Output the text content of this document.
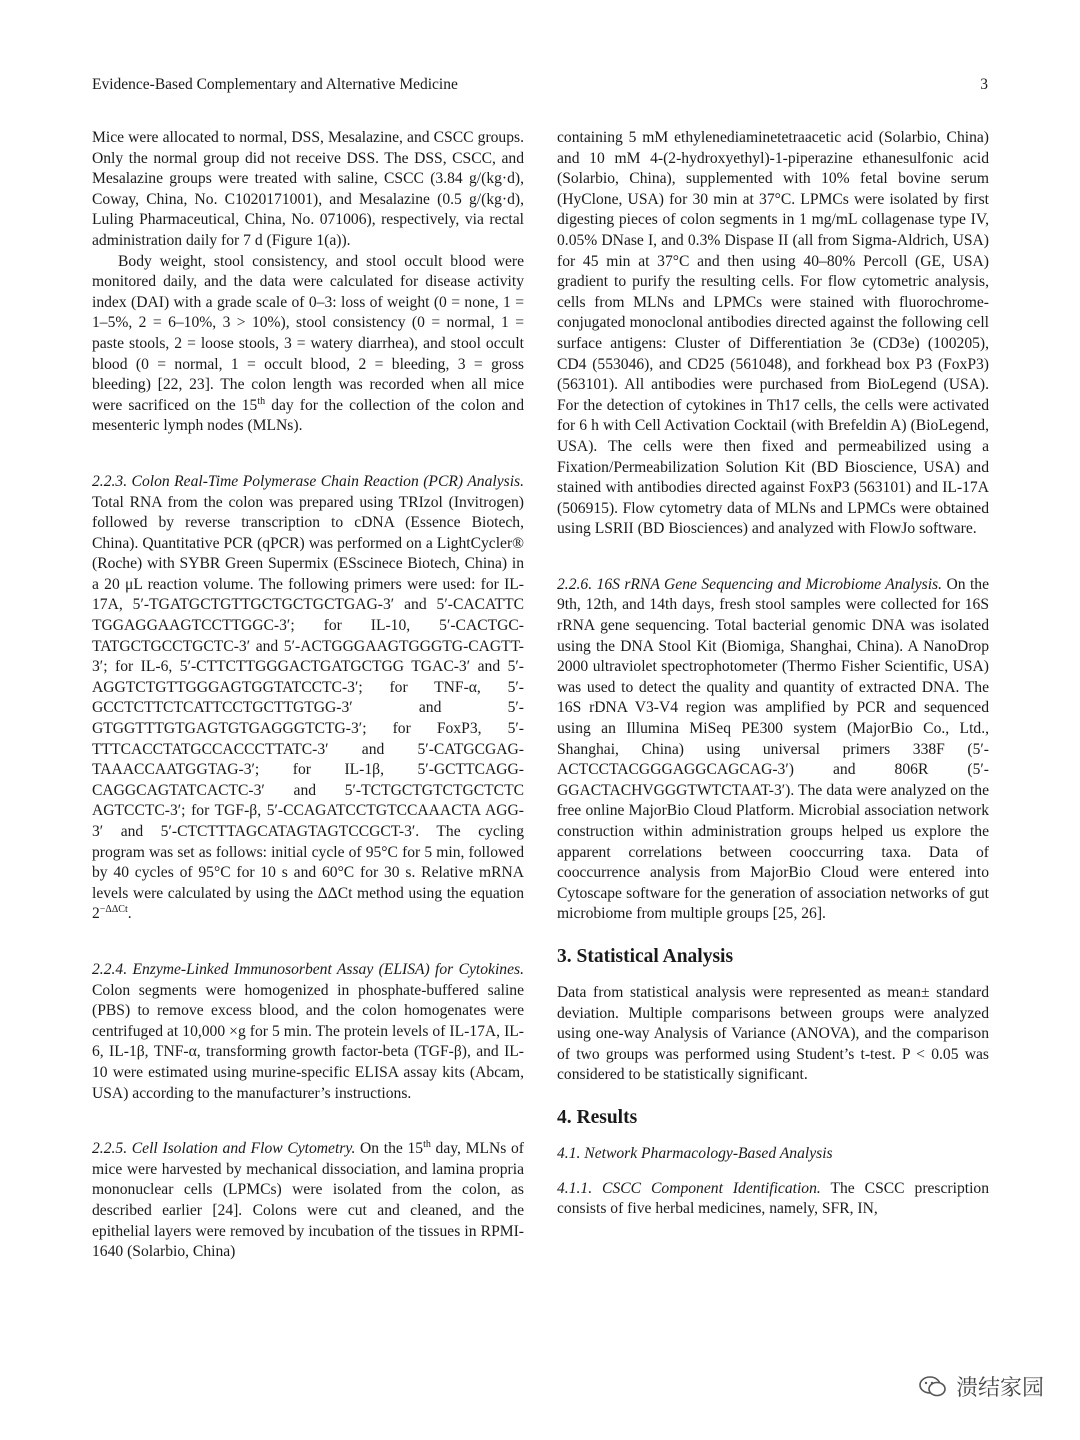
Evidence-Based Complementary and Alternative Medicine	3

Mice were allocated to normal, DSS, Mesalazine, and CSCC groups. Only the normal group did not receive DSS. The DSS, CSCC, and Mesalazine groups were treated with saline, CSCC (3.84 g/(kg·d), Coway, China, No. C1020171001), and Mesalazine (0.5 g/(kg·d), Luling Pharmaceutical, China, No. 071006), respectively, via rectal administration daily for 7 d (Figure 1(a)).

Body weight, stool consistency, and stool occult blood were monitored daily, and the data were calculated for disease activity index (DAI) with a grade scale of 0–3: loss of weight (0 = none, 1 = 1–5%, 2 = 6–10%, 3 > 10%), stool consistency (0 = normal, 1 = paste stools, 2 = loose stools, 3 = watery diarrhea), and stool occult blood (0 = normal, 1 = occult blood, 2 = bleeding, 3 = gross bleeding) [22, 23]. The colon length was recorded when all mice were sacrificed on the 15th day for the collection of the colon and mesenteric lymph nodes (MLNs).

2.2.3. Colon Real-Time Polymerase Chain Reaction (PCR) Analysis. Total RNA from the colon was prepared using TRIzol (Invitrogen) followed by reverse transcription to cDNA (Essence Biotech, China). Quantitative PCR (qPCR) was performed on a LightCycler® (Roche) with SYBR Green Supermix (ESscinece Biotech, China) in a 20 μL reaction volume. The following primers were used: for IL-17A, 5′-TGATGCTGTTGCTGCTGCTGAG-3′ and 5′-CACATTC TGGAGGAAGTCCTTGGC-3′; for IL-10, 5′-CACTGC-TATGCTGCCTGCTC-3′ and 5′-ACTGGGAAGTGGGTG-CAGTT-3′; for IL-6, 5′-CTTCTTGGGACTGATGCTGG TGAC-3′ and 5′-AGGTCTGTTGGGAGTGGTATCCTC-3′; for TNF-α, 5′-GCCTCTTCTCATTCCTGCTTGTGG-3′ and 5′- GTGGTTTGTGAGTGTGAGGGTCTG-3′; for FoxP3, 5′-TTTCACCTATGCCACCCTTATC-3′ and 5′-CATGCGAG-TAAACCAATGGTAG-3′; for IL-1β, 5′-GCTTCAGG-CAGGCAGTATCACTC-3′ and 5′-TCTGCTGTCTGCTCTC AGTCCTC-3′; for TGF-β, 5′-CCAGATCCTGTCCAAACTA AGG-3′ and 5′-CTCTTTAGCATAGTAGTCCGCT-3′. The cycling program was set as follows: initial cycle of 95°C for 5 min, followed by 40 cycles of 95°C for 10 s and 60°C for 30 s. Relative mRNA levels were calculated by using the ΔΔCt method using the equation $2^{-\Delta\Delta Ct}$.

2.2.4. Enzyme-Linked Immunosorbent Assay (ELISA) for Cytokines. Colon segments were homogenized in phosphate-buffered saline (PBS) to remove excess blood, and the colon homogenates were centrifuged at 10,000 ×g for 5 min. The protein levels of IL-17A, IL-6, IL-1β, TNF-α, transforming growth factor-beta (TGF-β), and IL-10 were estimated using murine-specific ELISA assay kits (Abcam, USA) according to the manufacturer’s instructions.

2.2.5. Cell Isolation and Flow Cytometry. On the 15th day, MLNs of mice were harvested by mechanical dissociation, and lamina propria mononuclear cells (LPMCs) were isolated from the colon, as described earlier [24]. Colons were cut and cleaned, and the epithelial layers were removed by incubation of the tissues in RPMI-1640 (Solarbio, China)

containing 5 mM ethylenediaminetetraacetic acid (Solarbio, China) and 10 mM 4-(2-hydroxyethyl)-1-piperazine ethanesulfonic acid (Solarbio, China), supplemented with 10% fetal bovine serum (HyClone, USA) for 30 min at 37°C. LPMCs were isolated by first digesting pieces of colon segments in 1 mg/mL collagenase type IV, 0.05% DNase I, and 0.3% Dispase II (all from Sigma-Aldrich, USA) for 45 min at 37°C and then using 40–80% Percoll (GE, USA) gradient to purify the resulting cells. For flow cytometric analysis, cells from MLNs and LPMCs were stained with fluorochrome-conjugated monoclonal antibodies directed against the following cell surface antigens: Cluster of Differentiation 3e (CD3e) (100205), CD4 (553046), and CD25 (561048), and forkhead box P3 (FoxP3) (563101). All antibodies were purchased from BioLegend (USA). For the detection of cytokines in Th17 cells, the cells were activated for 6 h with Cell Activation Cocktail (with Brefeldin A) (BioLegend, USA). The cells were then fixed and permeabilized using a Fixation/Permeabilization Solution Kit (BD Bioscience, USA) and stained with antibodies directed against FoxP3 (563101) and IL-17A (506915). Flow cytometry data of MLNs and LPMCs were obtained using LSRII (BD Biosciences) and analyzed with FlowJo software.

2.2.6. 16S rRNA Gene Sequencing and Microbiome Analysis. On the 9th, 12th, and 14th days, fresh stool samples were collected for 16S rRNA gene sequencing. Total bacterial genomic DNA was isolated using the DNA Stool Kit (Biomiga, Shanghai, China). A NanoDrop 2000 ultraviolet spectrophotometer (Thermo Fisher Scientific, USA) was used to detect the quality and quantity of extracted DNA. The 16S rDNA V3-V4 region was amplified by PCR and sequenced using an Illumina MiSeq PE300 system (MajorBio Co., Ltd., Shanghai, China) using universal primers 338F (5′-ACTCCTACGGGAGGCAGCAG-3′) and 806R (5′-GGACTACHVGGGTWTCTAAT-3′). The data were analyzed on the free online MajorBio Cloud Platform. Microbial association network construction within administration groups helped us explore the apparent correlations between cooccurring taxa. Data of cooccurrence analysis from MajorBio Cloud were entered into Cytoscape software for the generation of association networks of gut microbiome from multiple groups [25, 26].

3. Statistical Analysis

Data from statistical analysis were represented as mean± standard deviation. Multiple comparisons between groups were analyzed using one-way Analysis of Variance (ANOVA), and the comparison of two groups was performed using Student’s t-test. P < 0.05 was considered to be statistically significant.

4. Results

4.1. Network Pharmacology-Based Analysis

4.1.1. CSCC Component Identification. The CSCC prescription consists of five herbal medicines, namely, SFR, IN,

溃结家园
